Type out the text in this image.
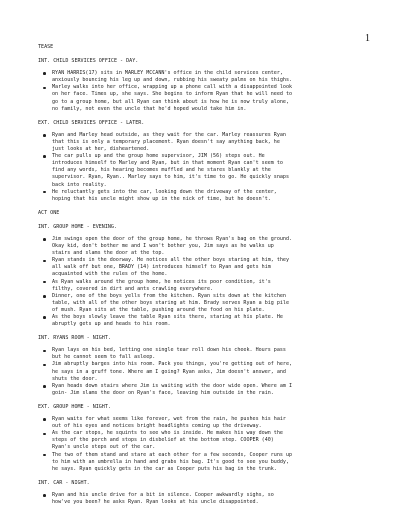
1
TEASE
INT. CHILD SERVICES OFFICE - DAY.
RYAN HARRIS(17) sits in MARLEY MCCANN's office in the child services center,
anxiously bouncing his leg up and down, rubbing his sweaty palms on his thighs.
Marley walks into her office, wrapping up a phone call with a disappointed look
on her face. Times up, she says. She begins to inform Ryan that he will need to
go to a group home, but all Ryan can think about is how he is now truly alone,
no family, not even the uncle that he'd hoped would take him in.
EXT. CHILD SERVICES OFFICE - LATER.
Ryan and Marley head outside, as they wait for the car. Marley reassures Ryan
that this is only a temporary placement. Ryan doesn't say anything back, he
just looks at her, disheartened.
The car pulls up and the group home supervisor, JIM (56) steps out. He
introduces himself to Marley and Ryan, but in that moment Ryan can't seem to
find any words, his hearing becomes muffled and he stares blankly at the
supervisor. Ryan, Ryan.. Marley says to him, it's time to go. He quickly snaps
back into reality.
He reluctantly gets into the car, looking down the driveway of the center,
hoping that his uncle might show up in the nick of time, but he doesn't.
ACT ONE
INT. GROUP HOME - EVENING.
Jim swings open the door of the group home, he throws Ryan's bag on the ground.
Okay kid, don't bother me and I won't bother you, Jim says as he walks up
stairs and slams the door at the top.
Ryan stands in the doorway. He notices all the other boys staring at him, they
all walk off but one, BRADY (14) introduces himself to Ryan and gets him
acquainted with the rules of the home.
As Ryan walks around the group home, he notices its poor condition, it's
filthy, covered in dirt and ants crawling everywhere.
Dinner, one of the boys yells from the kitchen. Ryan sits down at the kitchen
table, with all of the other boys staring at him. Brady serves Ryan a big pile
of mush. Ryan sits at the table, pushing around the food on his plate.
As the boys slowly leave the table Ryan sits there, staring at his plate. He
abruptly gets up and heads to his room.
INT. RYANS ROOM - NIGHT.
Ryan lays on his bed, letting one single tear roll down his cheek. Hours pass
but he cannot seem to fall asleep.
Jim abruptly barges into his room. Pack you things, you're getting out of here,
he says in a gruff tone. Where am I going? Ryan asks, Jim doesn't answer, and
shuts the door.
Ryan heads down stairs where Jim is waiting with the door wide open. Where am I
goin- Jim slams the door on Ryan's face, leaving him outside in the rain.
EXT. GROUP HOME - NIGHT.
Ryan waits for what seems like forever, wet from the rain, he pushes his hair
out of his eyes and notices bright headlights coming up the driveway.
As the car stops, he squints to see who is inside. He makes his way down the
steps of the porch and stops in disbelief at the bottom step. COOPER (40)
Ryan's uncle steps out of the car.
The two of them stand and stare at each other for a few seconds, Cooper runs up
to him with an umbrella in hand and grabs his bag. It's good to see you buddy,
he says. Ryan quickly gets in the car as Cooper puts his bag in the trunk.
INT. CAR - NIGHT.
Ryan and his uncle drive for a bit in silence. Cooper awkwardly sighs, so
how've you been? he asks Ryan. Ryan looks at his uncle disappointed.
